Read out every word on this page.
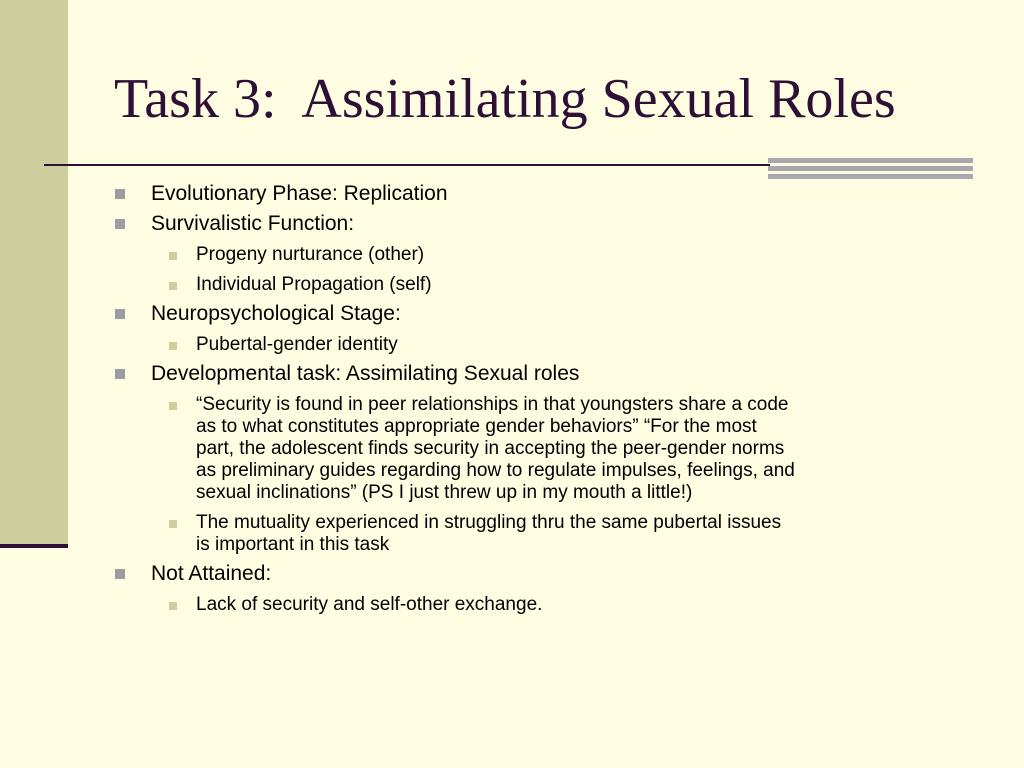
Task 3:  Assimilating Sexual Roles
Evolutionary Phase: Replication
Survivalistic Function:
Progeny nurturance (other)
Individual Propagation (self)
Neuropsychological Stage:
Pubertal-gender identity
Developmental task: Assimilating Sexual roles
“Security is found in peer relationships in that youngsters share a code
as to what constitutes appropriate gender behaviors” “For the most
part, the adolescent finds security in accepting the peer-gender norms
as preliminary guides regarding how to regulate impulses, feelings, and
sexual inclinations” (PS I just threw up in my mouth a little!)
The mutuality experienced in struggling thru the same pubertal issues
is important in this task
Not Attained:
Lack of security and self-other exchange.
